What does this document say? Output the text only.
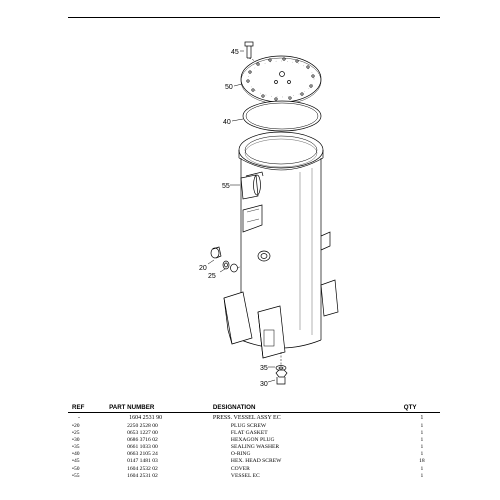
45
50
40
55
20
25
35
30
REF	PART NUMBER	DESIGNATION	QTY
-	1604 2531 90	PRESS. VESSEL ASSY EC	1
•20	2250 2528 00	PLUG SCREW	1
•25	0653 1227 00	FLAT GASKET	1
•30	0686 3716 02	HEXAGON PLUG	1
•35	0661 1033 00	SEALING WASHER	1
•40	0663 2105 24	O-RING	1
•45	0147 1481 03	HEX. HEAD SCREW	18
•50	1604 2532 02	COVER	1
•55	1604 2531 02	VESSEL EC	1
